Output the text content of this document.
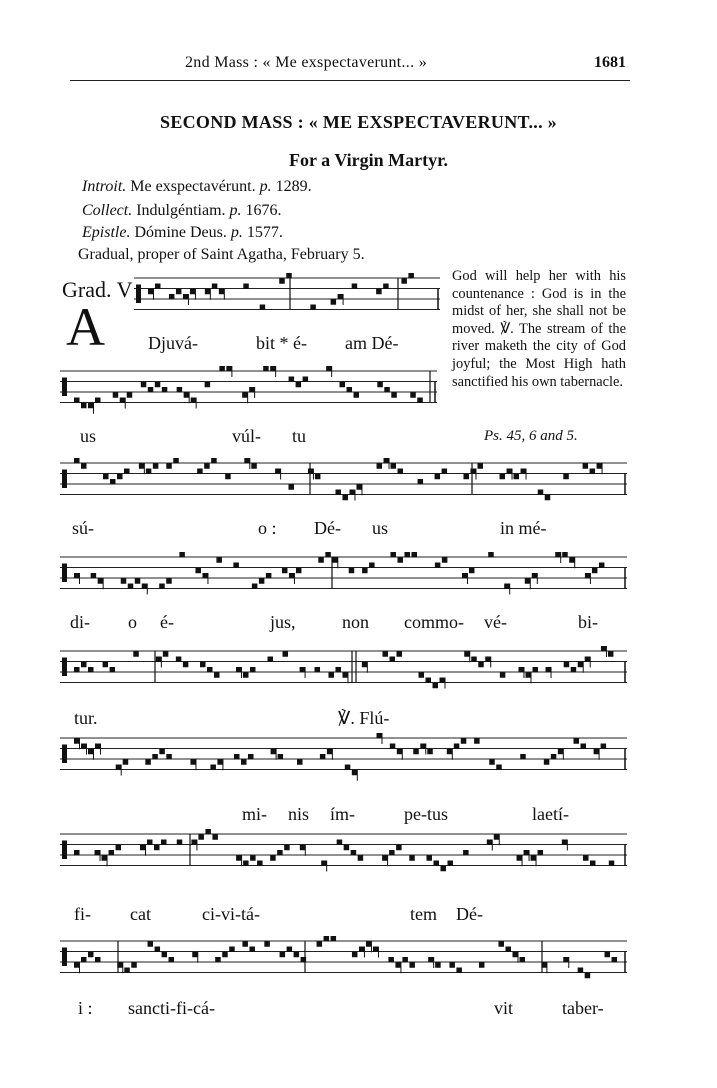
2nd Mass : « Me exspectaverunt... »	1681
SECOND MASS : « ME EXSPECTAVERUNT... »
For a Virgin Martyr.
Introit. Me exspectavérunt. p. 1289.
Collect. Indulgéntiam. p. 1676.
Epistle. Dómine Deus. p. 1577.
Gradual, proper of Saint Agatha, February 5.
God will help her with his countenance : God is in the midst of her, she shall not be moved. ℣. The stream of the river maketh the city of God joyful; the Most High hath sanctified his own tabernacle.
Ps. 45, 6 and 5.
Grad. V
A Djuvá-	bit * é- am Dé-
us	vúl- tu
sú-	o : Dé- us	in mé-
di- o é-	jus,	non commo- vé-	bi-
tur.	℣. Flú-
mi- nis ím-	pe-tus	laetí-
fi- cat	ci-vi-tá-	tem Dé-
i : sancti-fi-cá-	vit	taber-
